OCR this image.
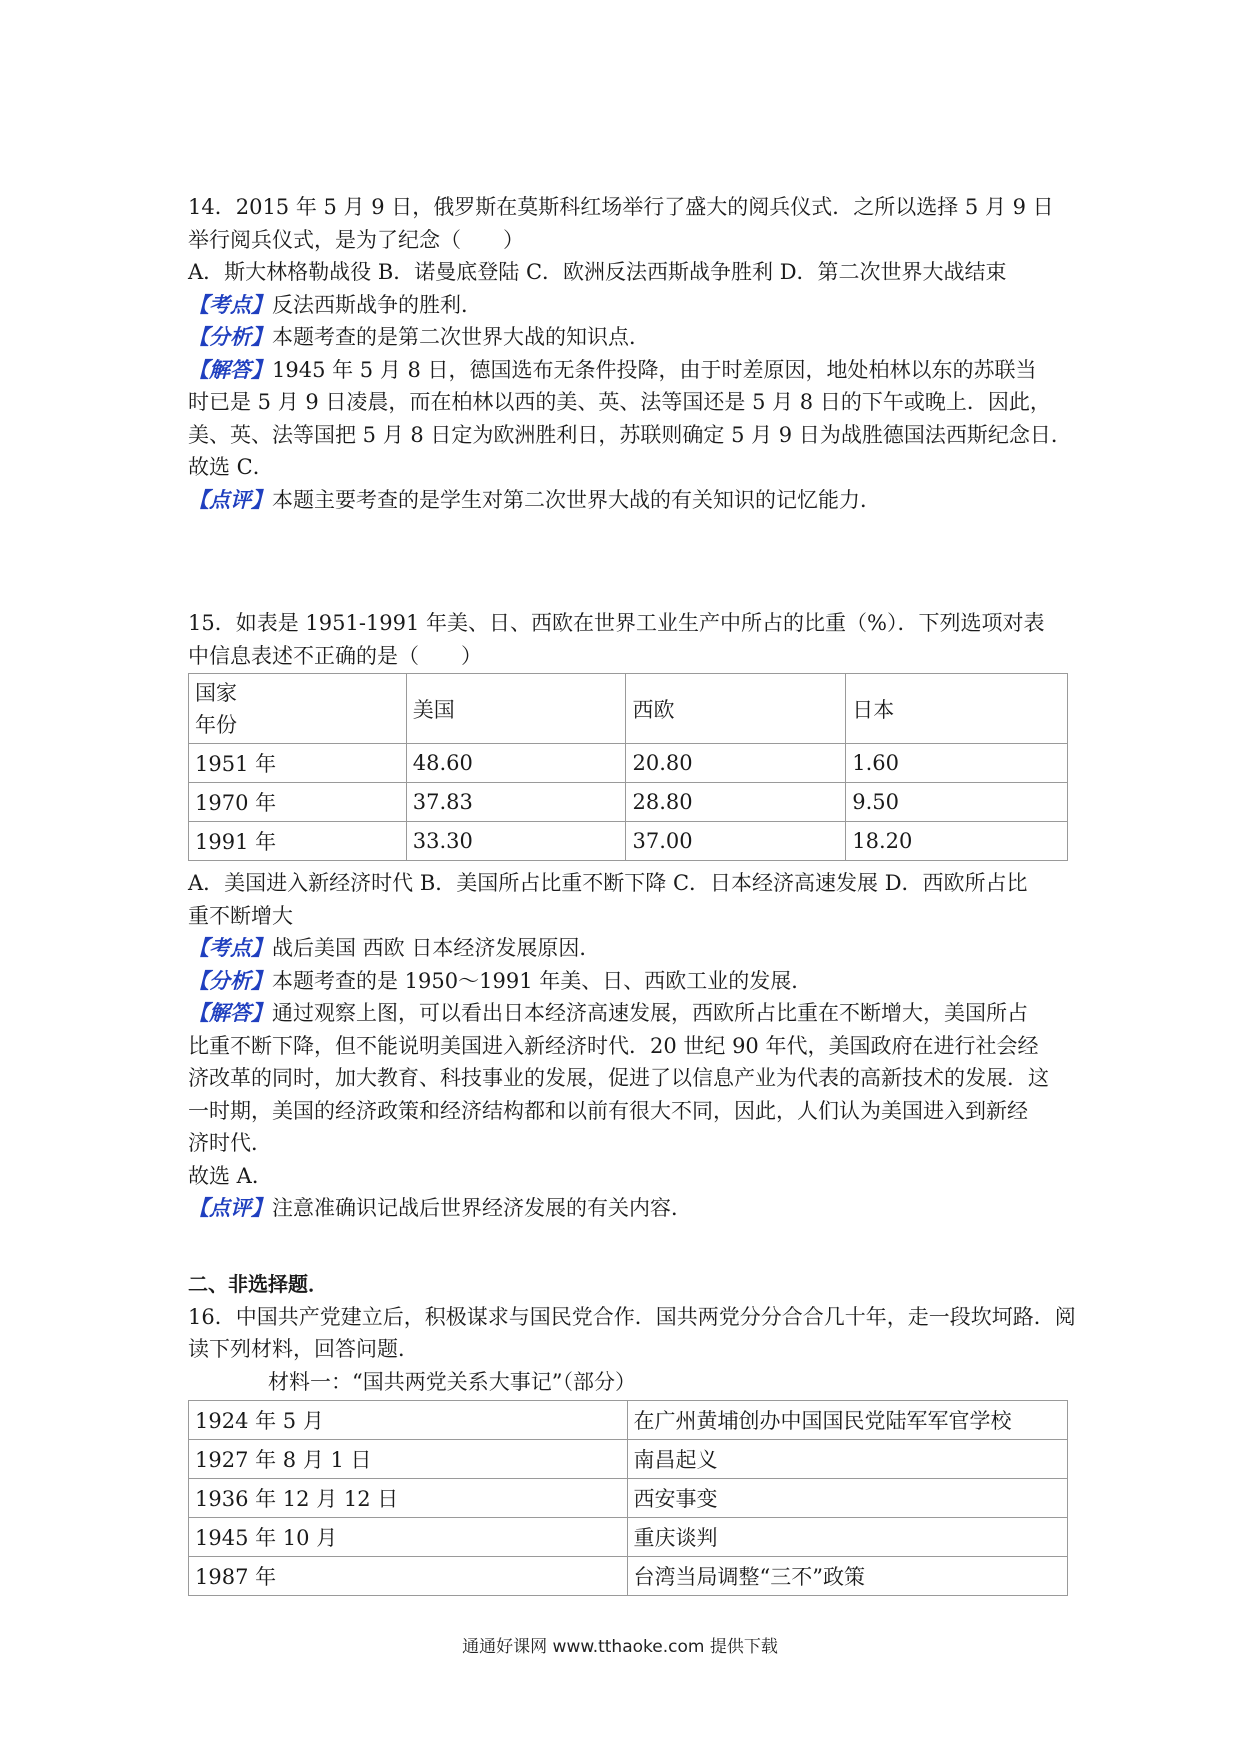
14．2015 年 5 月 9 日，俄罗斯在莫斯科红场举行了盛大的阅兵仪式．之所以选择 5 月 9 日
举行阅兵仪式，是为了纪念（　　）
A．斯大林格勒战役 B．诺曼底登陆 C．欧洲反法西斯战争胜利 D．第二次世界大战结束
【考点】反法西斯战争的胜利．
【分析】本题考查的是第二次世界大战的知识点．
【解答】1945 年 5 月 8 日，德国选布无条件投降，由于时差原因，地处柏林以东的苏联当
时已是 5 月 9 日凌晨，而在柏林以西的美、英、法等国还是 5 月 8 日的下午或晚上．因此，
美、英、法等国把 5 月 8 日定为欧洲胜利日，苏联则确定 5 月 9 日为战胜德国法西斯纪念日．
故选 C．
【点评】本题主要考查的是学生对第二次世界大战的有关知识的记忆能力．
15．如表是 1951-1991 年美、日、西欧在世界工业生产中所占的比重（%）．下列选项对表
中信息表述不正确的是（　　）
国家
年份	美国	西欧	日本
1951 年	48.60	20.80	1.60
1970 年	37.83	28.80	9.50
1991 年	33.30	37.00	18.20
A．美国进入新经济时代 B．美国所占比重不断下降 C．日本经济高速发展 D．西欧所占比
重不断增大
【考点】战后美国 西欧 日本经济发展原因．
【分析】本题考查的是 1950～1991 年美、日、西欧工业的发展．
【解答】通过观察上图，可以看出日本经济高速发展，西欧所占比重在不断增大，美国所占
比重不断下降，但不能说明美国进入新经济时代．20 世纪 90 年代，美国政府在进行社会经
济改革的同时，加大教育、科技事业的发展，促进了以信息产业为代表的高新技术的发展．这
一时期，美国的经济政策和经济结构都和以前有很大不同，因此，人们认为美国进入到新经
济时代．
故选 A．
【点评】注意准确识记战后世界经济发展的有关内容．
二、非选择题．
16．中国共产党建立后，积极谋求与国民党合作．国共两党分分合合几十年，走一段坎坷路．阅
读下列材料，回答问题．
材料一：“国共两党关系大事记”（部分）
1924 年 5 月	在广州黄埔创办中国国民党陆军军官学校
1927 年 8 月 1 日	南昌起义
1936 年 12 月 12 日	西安事变
1945 年 10 月	重庆谈判
1987 年	台湾当局调整“三不”政策
通通好课网 www.tthaoke.com 提供下载
